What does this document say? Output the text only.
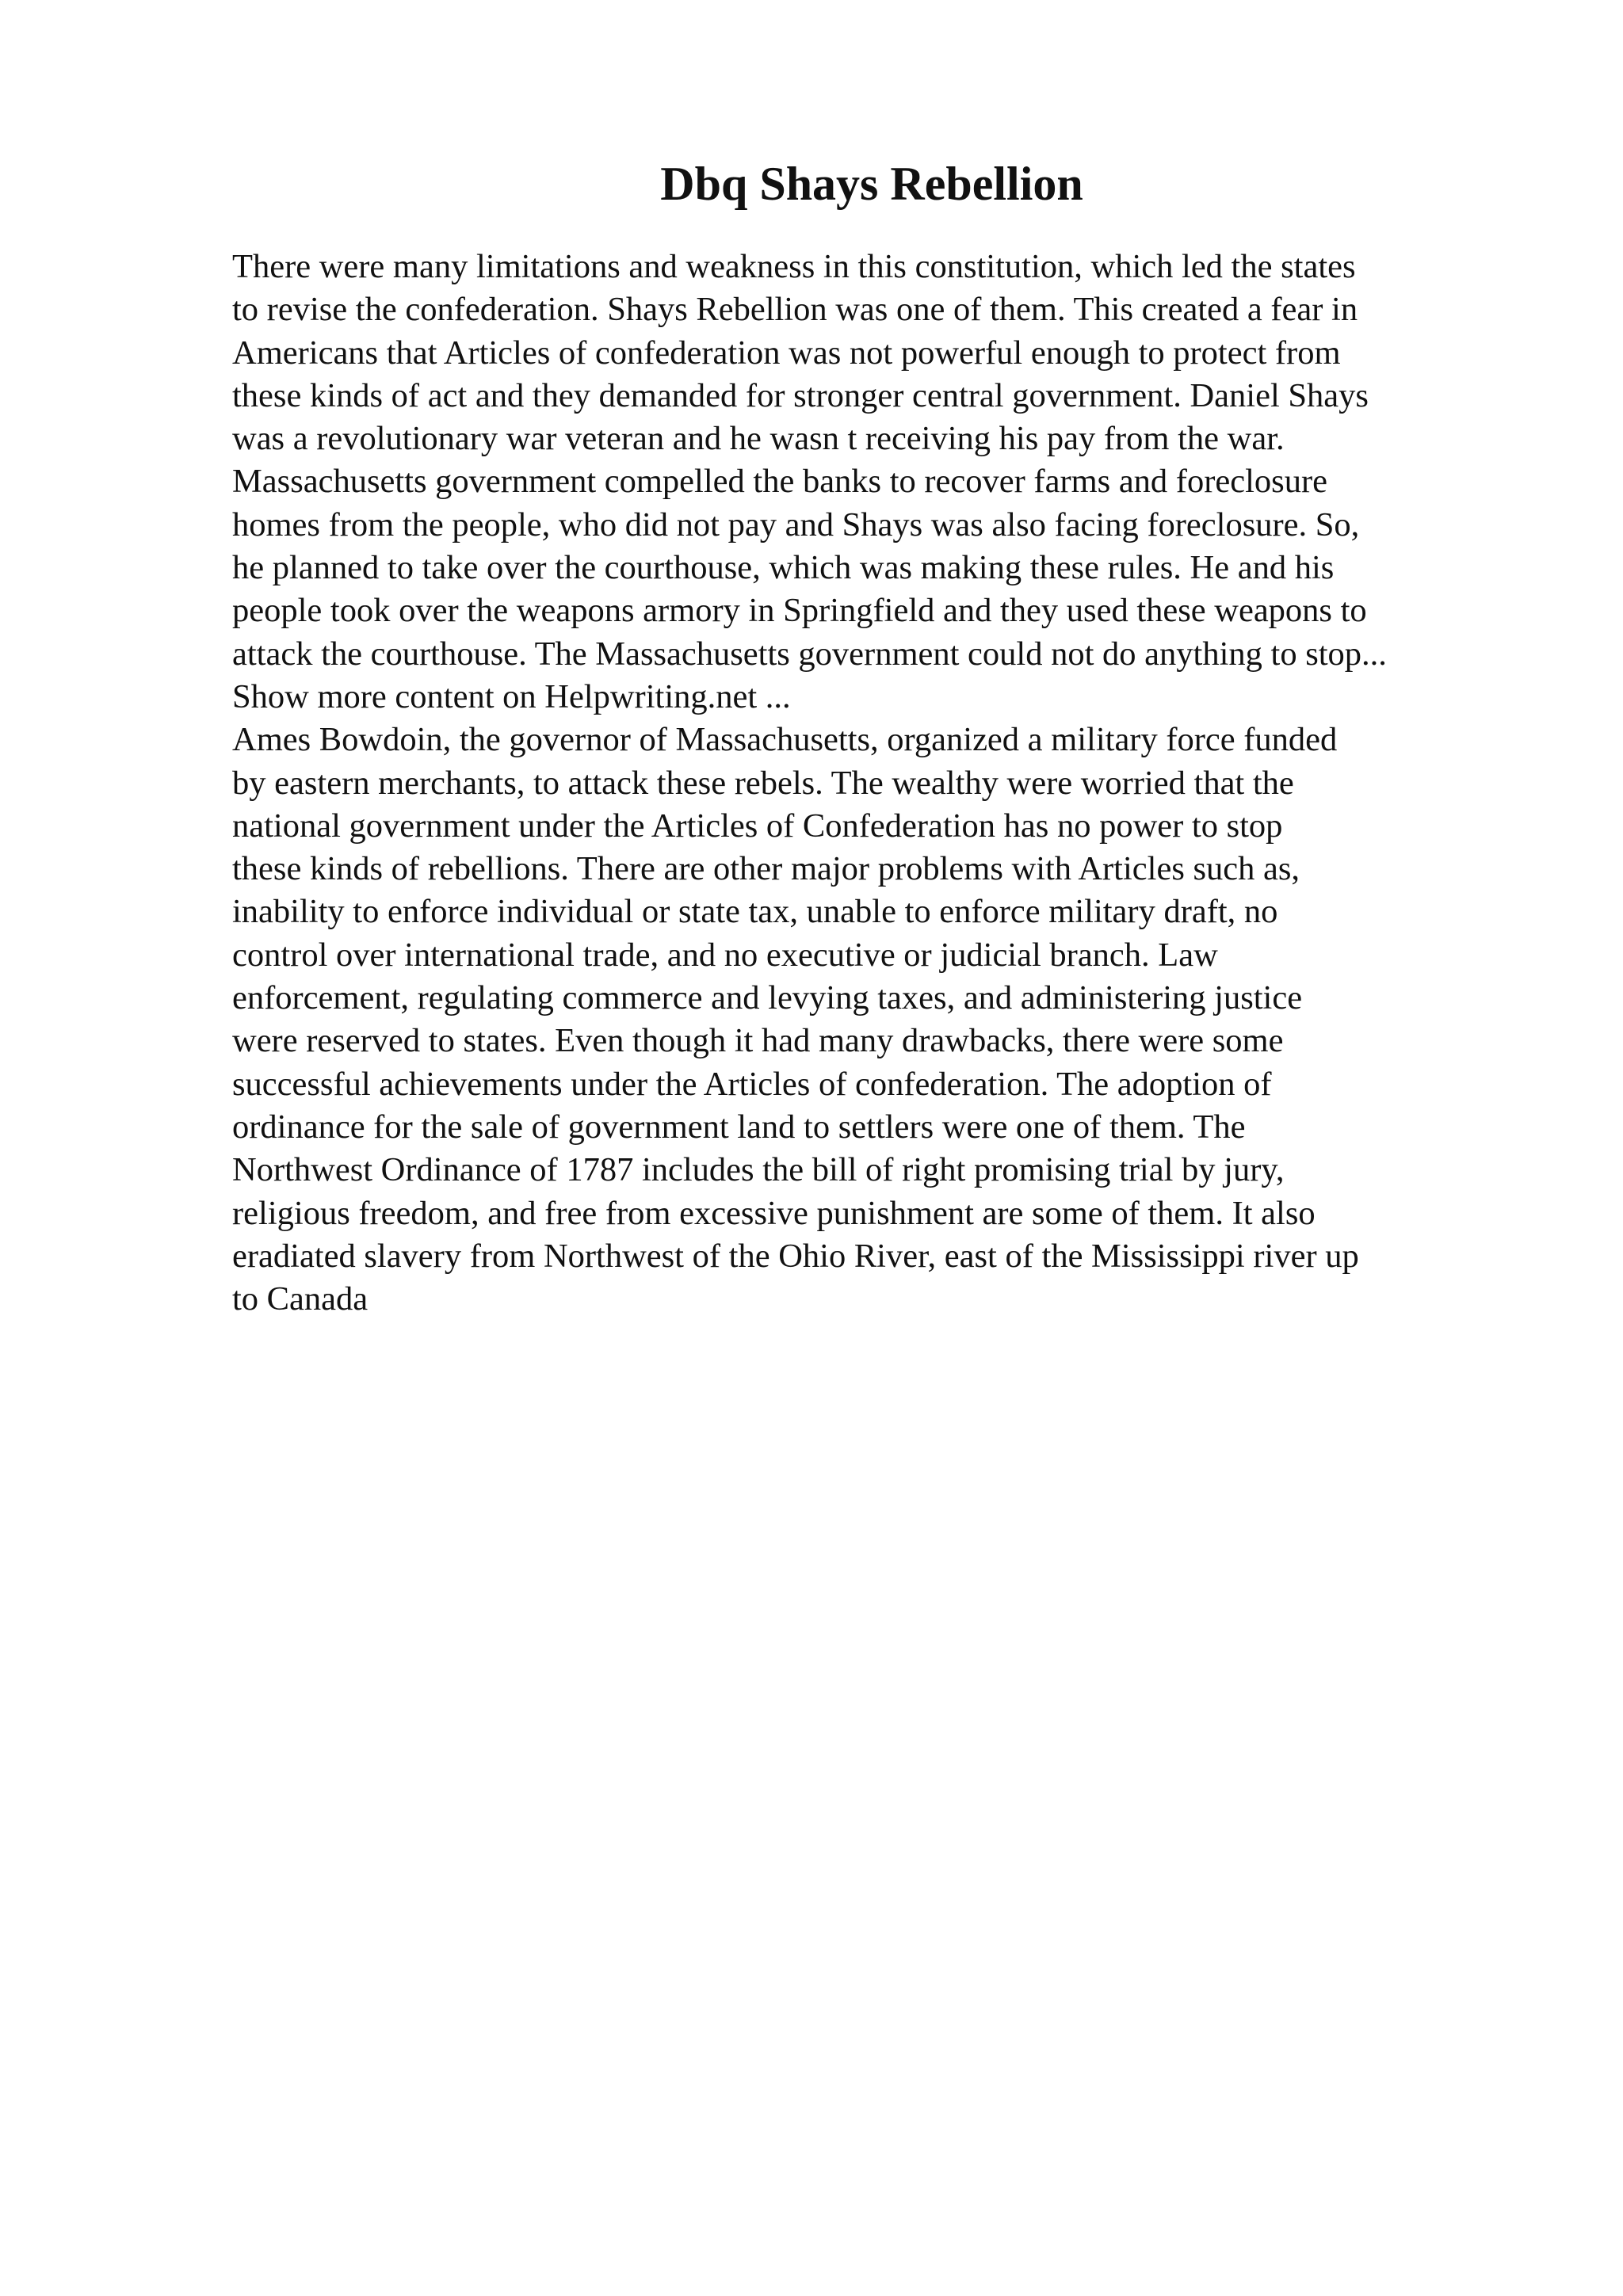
Dbq Shays Rebellion
There were many limitations and weakness in this constitution, which led the states
to revise the confederation. Shays Rebellion was one of them. This created a fear in
Americans that Articles of confederation was not powerful enough to protect from
these kinds of act and they demanded for stronger central government. Daniel Shays
was a revolutionary war veteran and he wasn t receiving his pay from the war.
Massachusetts government compelled the banks to recover farms and foreclosure
homes from the people, who did not pay and Shays was also facing foreclosure. So,
he planned to take over the courthouse, which was making these rules. He and his
people took over the weapons armory in Springfield and they used these weapons to
attack the courthouse. The Massachusetts government could not do anything to stop...
Show more content on Helpwriting.net ...
Ames Bowdoin, the governor of Massachusetts, organized a military force funded
by eastern merchants, to attack these rebels. The wealthy were worried that the
national government under the Articles of Confederation has no power to stop
these kinds of rebellions. There are other major problems with Articles such as,
inability to enforce individual or state tax, unable to enforce military draft, no
control over international trade, and no executive or judicial branch. Law
enforcement, regulating commerce and levying taxes, and administering justice
were reserved to states. Even though it had many drawbacks, there were some
successful achievements under the Articles of confederation. The adoption of
ordinance for the sale of government land to settlers were one of them. The
Northwest Ordinance of 1787 includes the bill of right promising trial by jury,
religious freedom, and free from excessive punishment are some of them. It also
eradiated slavery from Northwest of the Ohio River, east of the Mississippi river up
to Canada
